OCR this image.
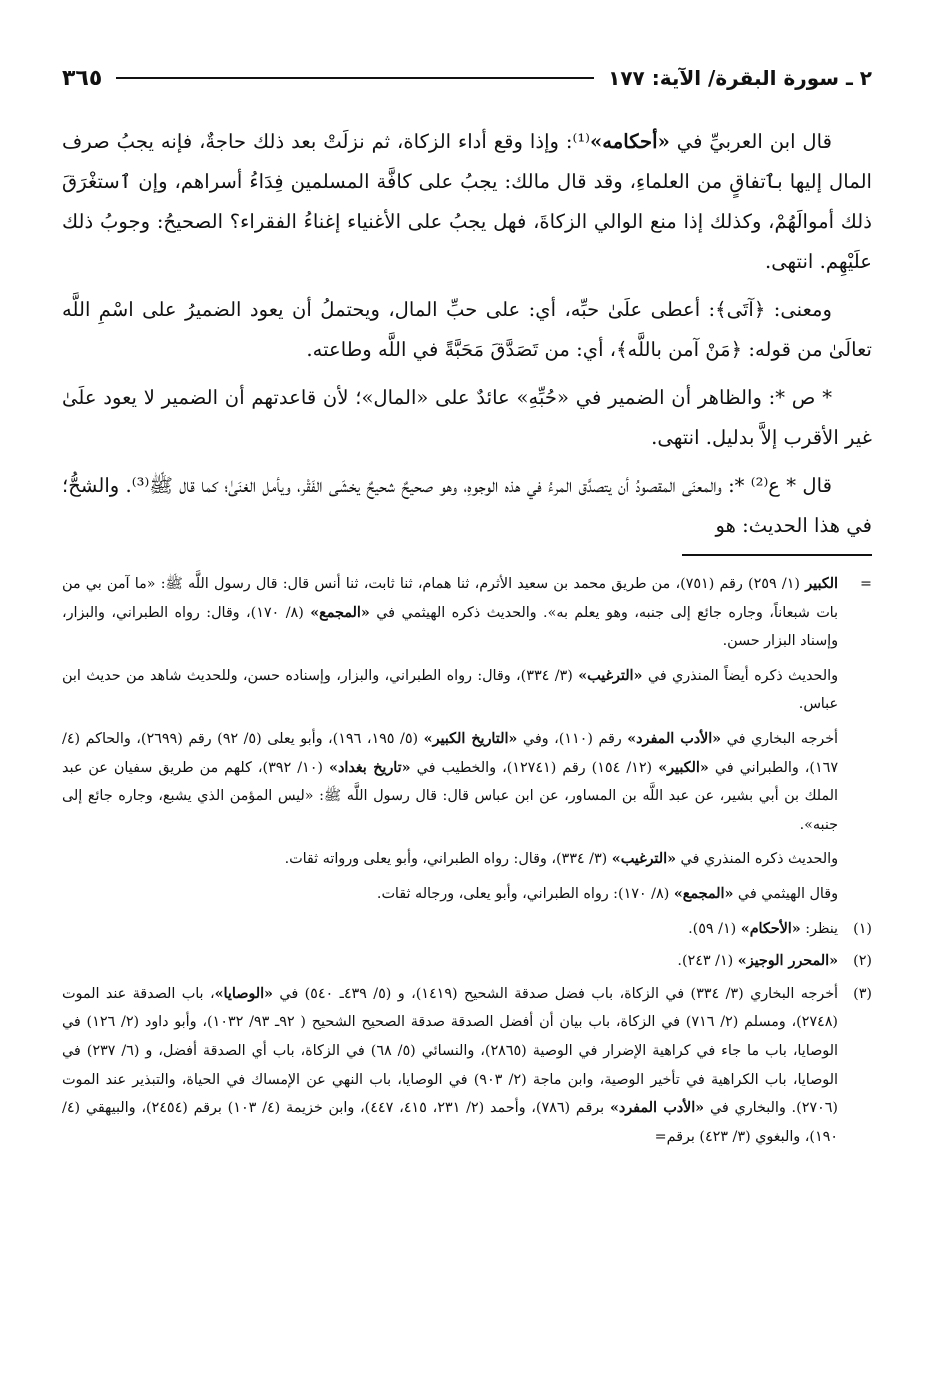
٢ ـ سورة البقرة/ الآية: ١٧٧
٣٦٥

قال ابن العربيِّ في «أحكامه»⁽¹⁾: وإذا وقع أداء الزكاة، ثم نزلَتْ بعد ذلك حاجةٌ، فإنه يجبُ صرف المال إليها بٱتفاقٍ من العلماءِ، وقد قال مالك: يجبُ على كافَّة المسلمين فِدَاءُ أسراهم، وإن ٱستغْرَقَ ذلك أموالَهُمْ، وكذلك إذا منع الوالي الزكاةَ، فهل يجبُ على الأغنياء إغناءُ الفقراء؟ الصحيحُ: وجوبُ ذلك علَيْهِم. انتهى.

ومعنى: ﴿آتَى﴾: أعطى علَىٰ حبِّه، أي: على حبِّ المال، ويحتملُ أن يعود الضميرُ على اسْمِ اللَّه تعالَىٰ من قوله: ﴿مَنْ آمن باللَّه﴾، أي: من تَصَدَّقَ مَحَبَّةً في اللَّه وطاعته.

* ص *: والظاهر أن الضمير في «حُبِّهِ» عائدٌ على «المال»؛ لأن قاعدتهم أن الضمير لا يعود علَىٰ غير الأقرب إلاَّ بدليل. انتهى.

قال * ع⁽²⁾ *: والمعنَى المقصودُ أن يتصدَّق المرءُ في هذه الوجوهِ، وهو صحيحٌ شحيحٌ يخشَى الفَقْر، ويأمل الغنَىٰ؛ كما قال ﷺ⁽³⁾. والشحُّ؛ في هذا الحديث: هو

=
الكبير (١/ ٢٥٩) رقم (٧٥١)، من طريق محمد بن سعيد الأثرم، ثنا همام، ثنا ثابت، ثنا أنس قال: قال رسول اللَّه ﷺ: «ما آمن بي من بات شبعاناً، وجاره جائع إلى جنبه، وهو يعلم به». والحديث ذكره الهيثمي في «المجمع» (٨/ ١٧٠)، وقال: رواه الطبراني، والبزار، وإسناد البزار حسن.
والحديث ذكره أيضاً المنذري في «الترغيب» (٣/ ٣٣٤)، وقال: رواه الطبراني، والبزار، وإسناده حسن، وللحديث شاهد من حديث ابن عباس.
أخرجه البخاري في «الأدب المفرد» رقم (١١٠)، وفي «التاريخ الكبير» (٥/ ١٩٥، ١٩٦)، وأبو يعلى (٥/ ٩٢) رقم (٢٦٩٩)، والحاكم (٤/ ١٦٧)، والطبراني في «الكبير» (١٢/ ١٥٤) رقم (١٢٧٤١)، والخطيب في «تاريخ بغداد» (١٠/ ٣٩٢)، كلهم من طريق سفيان عن عبد الملك بن أبي بشير، عن عبد اللَّه بن المساور، عن ابن عباس قال: قال رسول اللَّه ﷺ: «ليس المؤمن الذي يشبع، وجاره جائع إلى جنبه».
والحديث ذكره المنذري في «الترغيب» (٣/ ٣٣٤)، وقال: رواه الطبراني، وأبو يعلى ورواته ثقات.
وقال الهيثمي في «المجمع» (٨/ ١٧٠): رواه الطبراني، وأبو يعلى، ورجاله ثقات.
(١)
ينظر: «الأحكام» (١/ ٥٩).
(٢)
«المحرر الوجيز» (١/ ٢٤٣).
(٣)
أخرجه البخاري (٣/ ٣٣٤) في الزكاة، باب فضل صدقة الشحيح (١٤١٩)، و (٥/ ٤٣٩ـ ٥٤٠) في «الوصايا»، باب الصدقة عند الموت (٢٧٤٨)، ومسلم (٢/ ٧١٦) في الزكاة، باب بيان أن أفضل الصدقة صدقة الصحيح الشحيح ( ٩٢ـ ٩٣/ ١٠٣٢)، وأبو داود (٢/ ١٢٦) في الوصايا، باب ما جاء في كراهية الإضرار في الوصية (٢٨٦٥)، والنسائي (٥/ ٦٨) في الزكاة، باب أي الصدقة أفضل، و (٦/ ٢٣٧) في الوصايا، باب الكراهية في تأخير الوصية، وابن ماجة (٢/ ٩٠٣) في الوصايا، باب النهي عن الإمساك في الحياة، والتبذير عند الموت (٢٧٠٦). والبخاري في «الأدب المفرد» برقم (٧٨٦)، وأحمد (٢/ ٢٣١، ٤١٥، ٤٤٧)، وابن خزيمة (٤/ ١٠٣) برقم (٢٤٥٤)، والبيهقي (٤/ ١٩٠)، والبغوي (٣/ ٤٢٣) برقم=
